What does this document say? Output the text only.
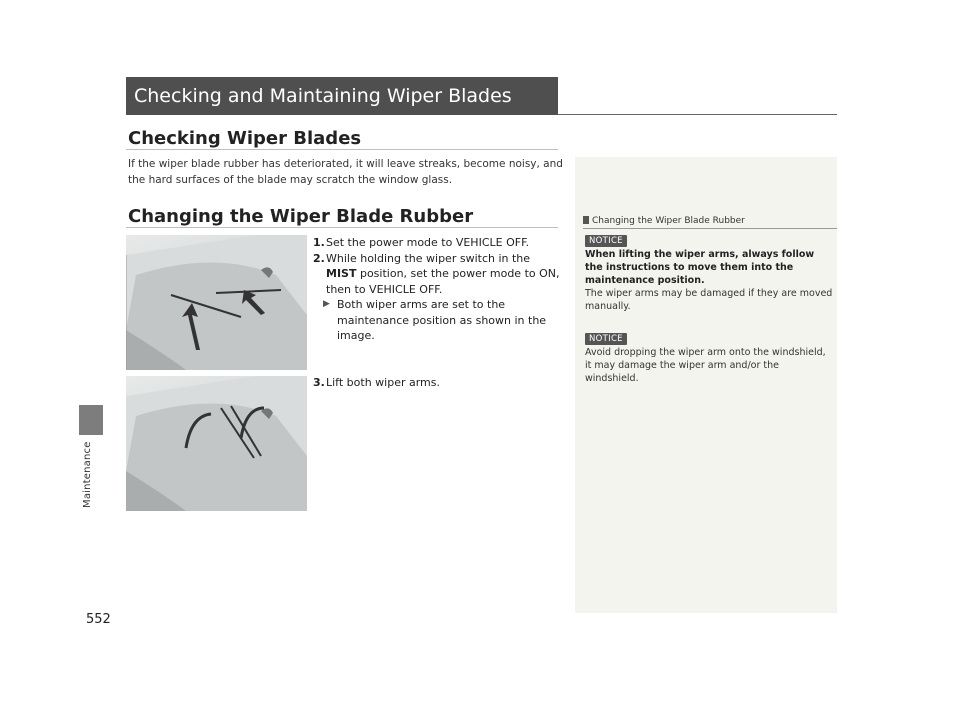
Maintenance
552
Checking and Maintaining Wiper Blades
Checking Wiper Blades
If the wiper blade rubber has deteriorated, it will leave streaks, become noisy, and the hard surfaces of the blade may scratch the window glass.
Changing the Wiper Blade Rubber
1. Set the power mode to VEHICLE OFF.
2. While holding the wiper switch in the MIST position, set the power mode to ON, then to VEHICLE OFF.
▶ Both wiper arms are set to the maintenance position as shown in the image.
3. Lift both wiper arms.
Changing the Wiper Blade Rubber
NOTICE
When lifting the wiper arms, always follow the instructions to move them into the maintenance position.
The wiper arms may be damaged if they are moved manually.
NOTICE
Avoid dropping the wiper arm onto the windshield, it may damage the wiper arm and/or the windshield.
